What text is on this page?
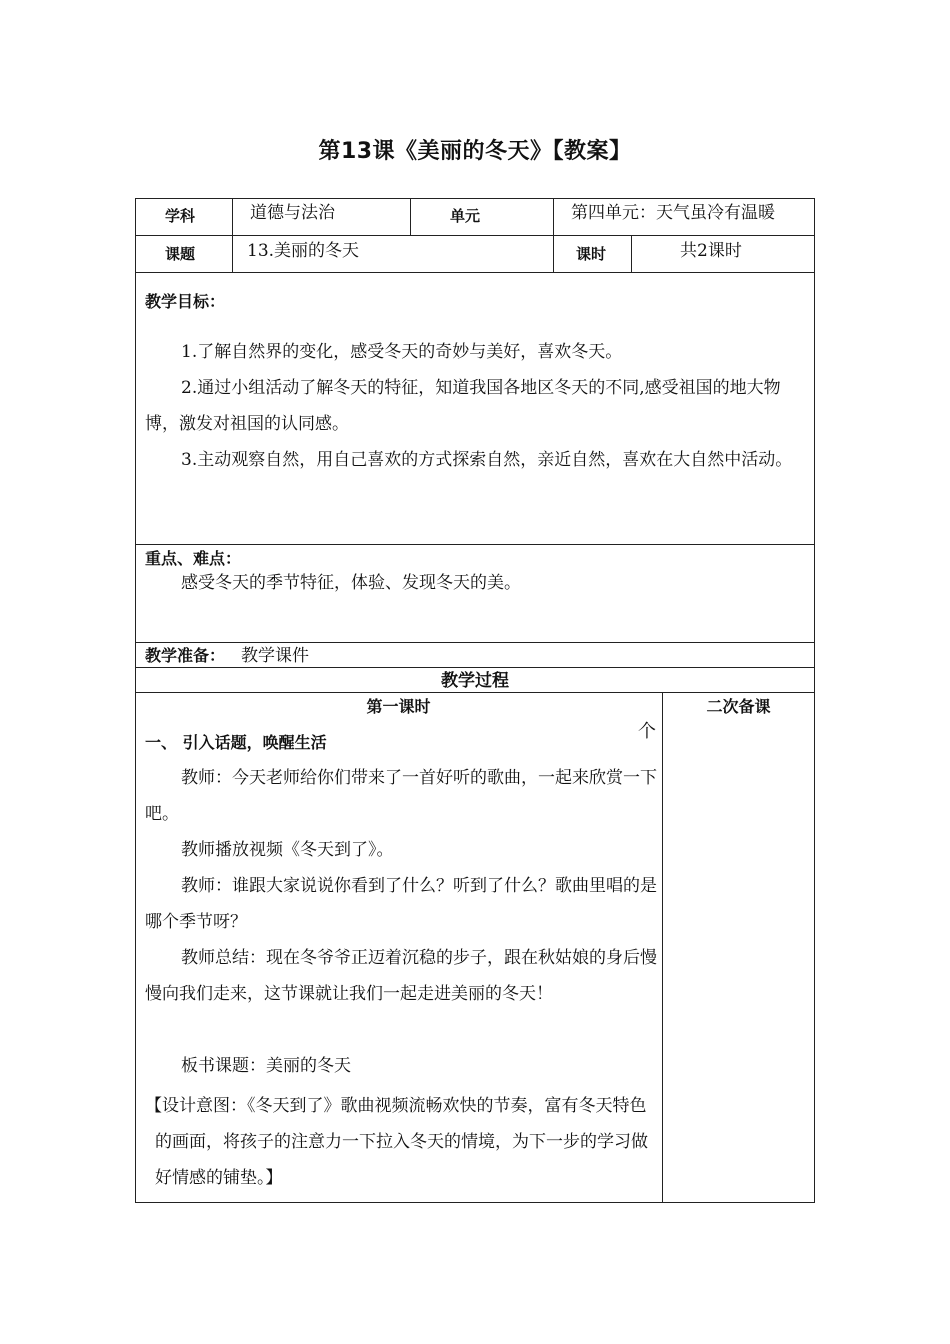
第13课《美丽的冬天》【教案】
学科	道德与法治	单元	第四单元：天气虽冷有温暖
课题	13.美丽的冬天	课时	共2课时
教学目标：
1.了解自然界的变化，感受冬天的奇妙与美好，喜欢冬天。
2.通过小组活动了解冬天的特征，知道我国各地区冬天的不同,感受祖国的地大物博，激发对祖国的认同感。
3.主动观察自然，用自己喜欢的方式探索自然，亲近自然，喜欢在大自然中活动。
重点、难点：
感受冬天的季节特征，体验、发现冬天的美。
教学准备： 教学课件
教学过程
第一课时	二次备课
个
一、 引入话题，唤醒生活
教师：今天老师给你们带来了一首好听的歌曲，一起来欣赏一下吧。
教师播放视频《冬天到了》。
教师：谁跟大家说说你看到了什么？听到了什么？歌曲里唱的是哪个季节呀？
教师总结：现在冬爷爷正迈着沉稳的步子，跟在秋姑娘的身后慢慢向我们走来，这节课就让我们一起走进美丽的冬天！
板书课题：美丽的冬天
【设计意图：《冬天到了》歌曲视频流畅欢快的节奏，富有冬天特色的画面，将孩子的注意力一下拉入冬天的情境，为下一步的学习做好情感的铺垫。】
